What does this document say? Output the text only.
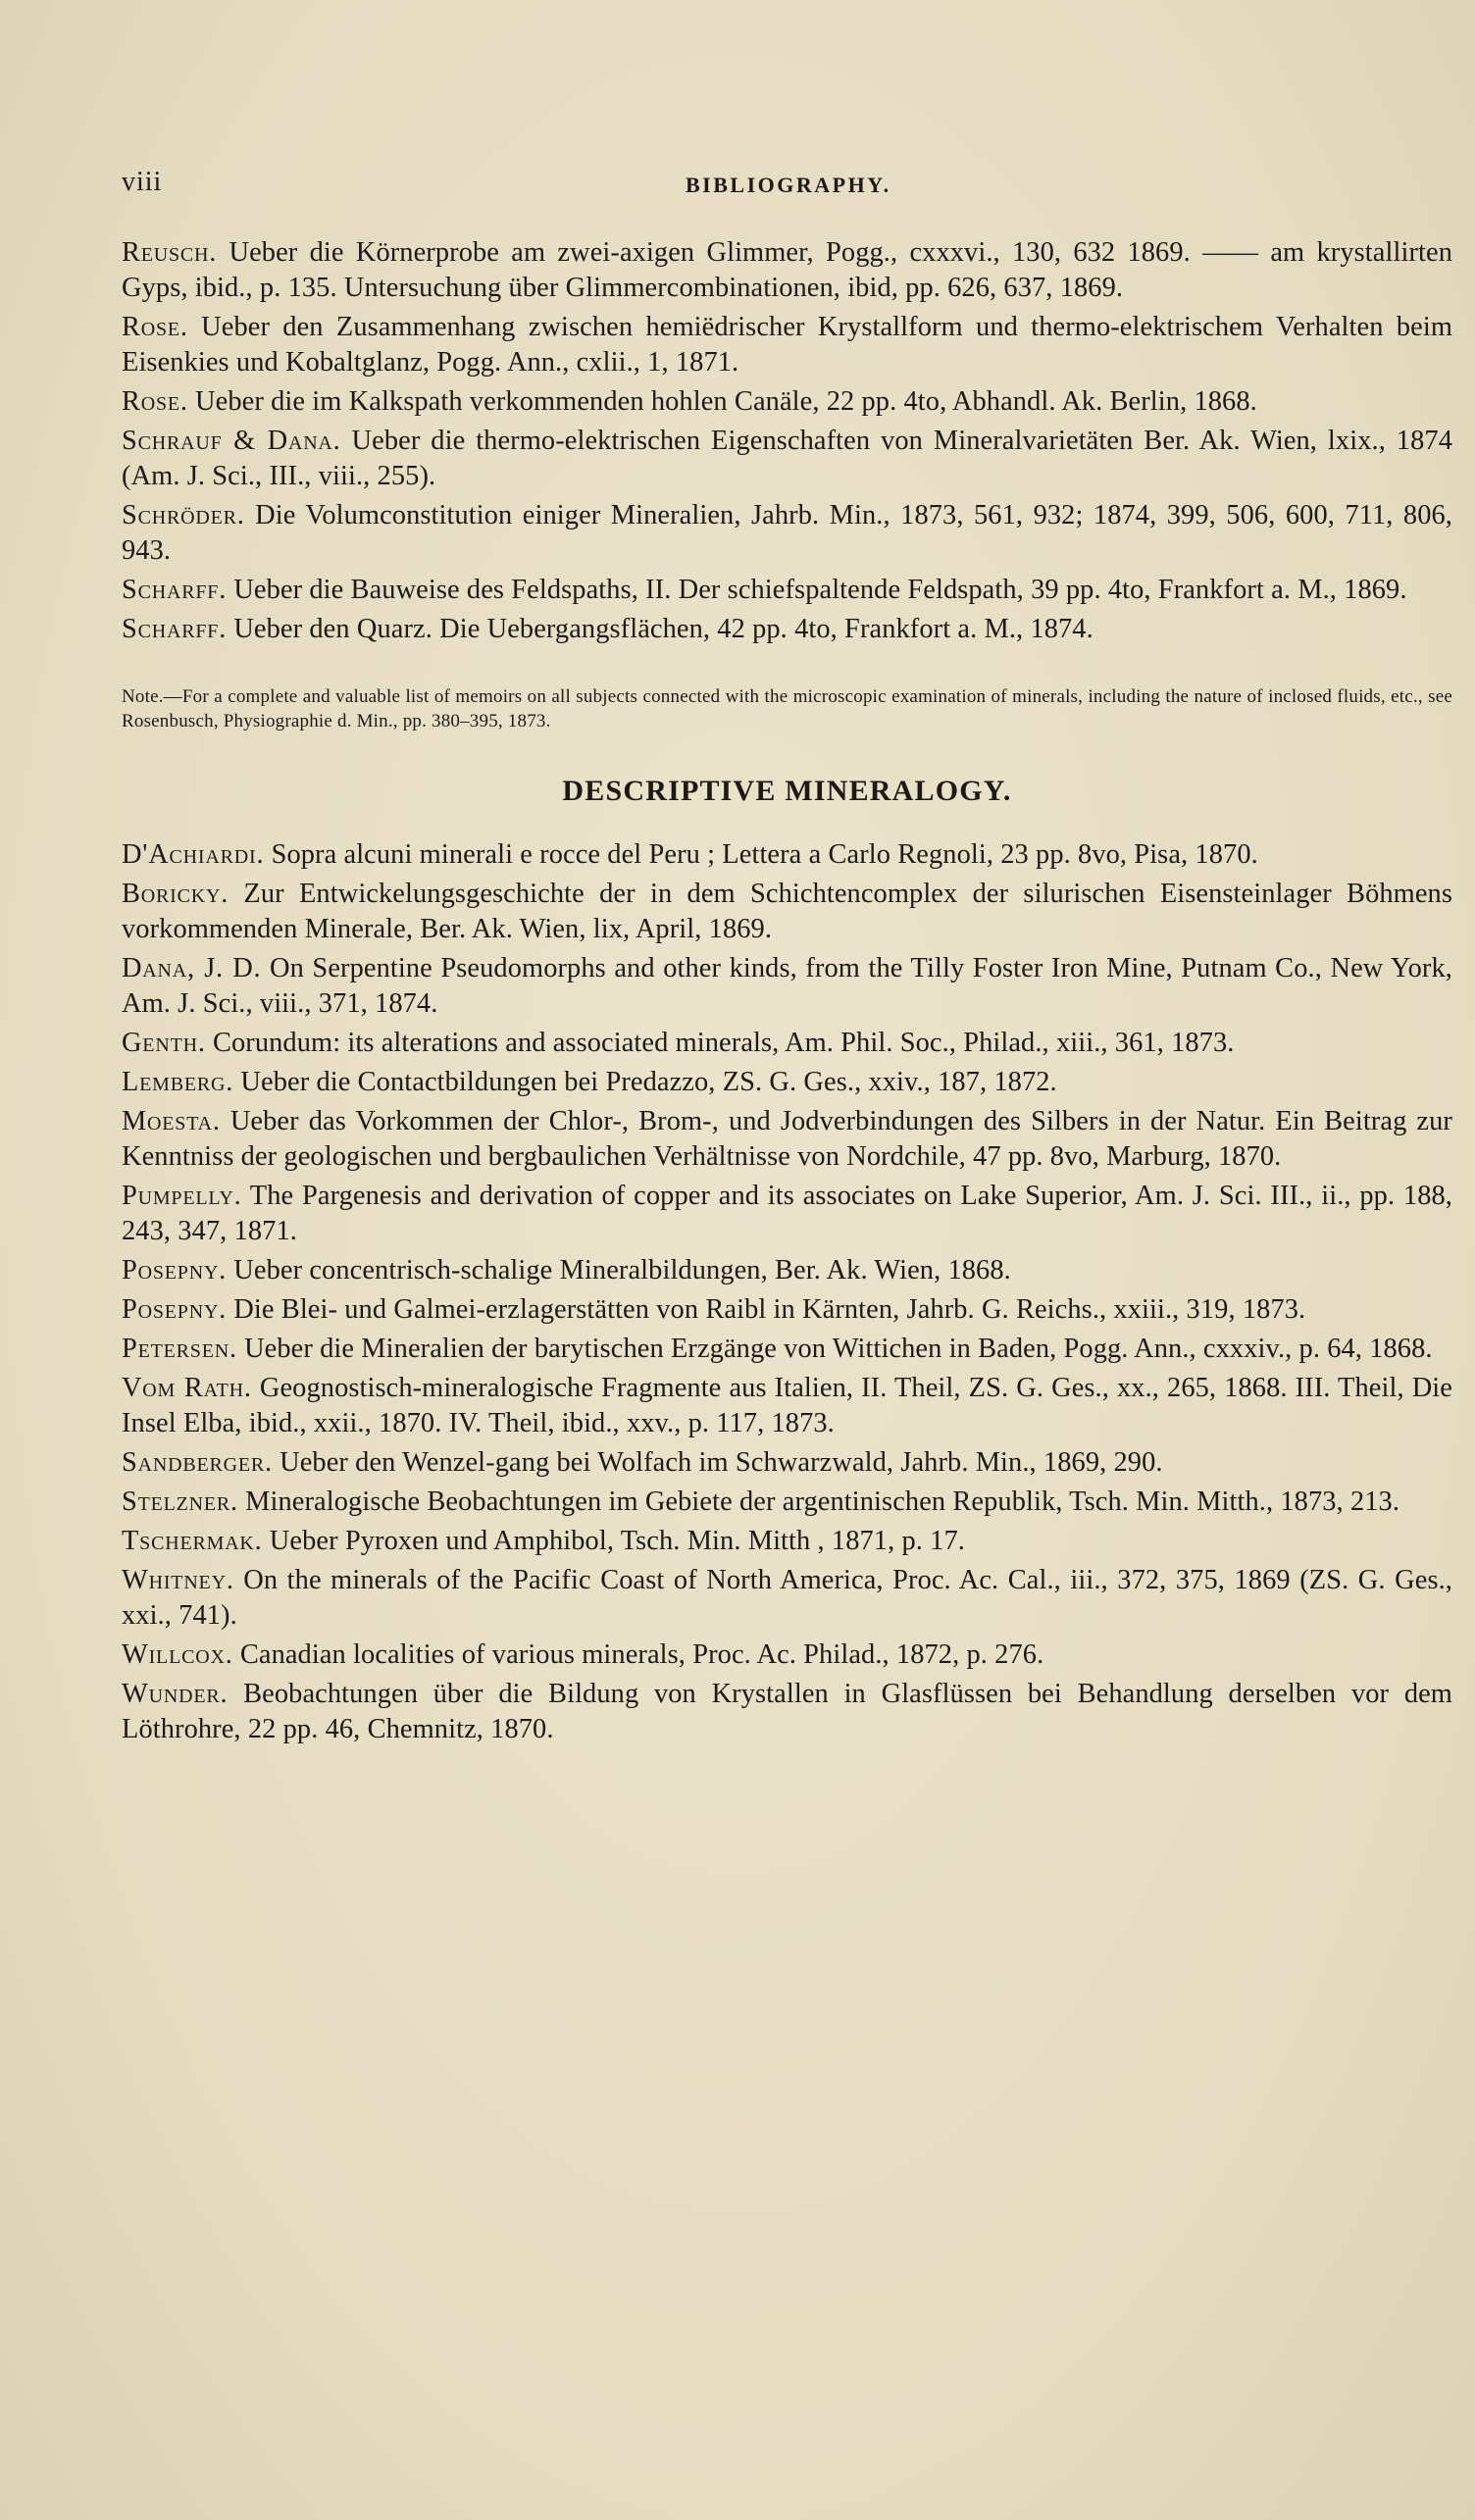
viii	BIBLIOGRAPHY.

Reusch. Ueber die Körnerprobe am zwei-axigen Glimmer, Pogg., cxxxvi., 130, 632 1869. —— am krystallirten Gyps, ibid., p. 135. Untersuchung über Glimmercombinationen, ibid, pp. 626, 637, 1869.

Rose. Ueber den Zusammenhang zwischen hemiëdrischer Krystallform und thermo-elektrischem Verhalten beim Eisenkies und Kobaltglanz, Pogg. Ann., cxlii., 1, 1871.

Rose. Ueber die im Kalkspath verkommenden hohlen Canäle, 22 pp. 4to, Abhandl. Ak. Berlin, 1868.

Schrauf & Dana. Ueber die thermo-elektrischen Eigenschaften von Mineralvarietäten Ber. Ak. Wien, lxix., 1874 (Am. J. Sci., III., viii., 255).

Schröder. Die Volumconstitution einiger Mineralien, Jahrb. Min., 1873, 561, 932; 1874, 399, 506, 600, 711, 806, 943.

Scharff. Ueber die Bauweise des Feldspaths, II. Der schiefspaltende Feldspath, 39 pp. 4to, Frankfort a. M., 1869.

Scharff. Ueber den Quarz. Die Uebergangsflächen, 42 pp. 4to, Frankfort a. M., 1874.

Note.—For a complete and valuable list of memoirs on all subjects connected with the microscopic examination of minerals, including the nature of inclosed fluids, etc., see Rosenbusch, Physiographie d. Min., pp. 380–395, 1873.

DESCRIPTIVE MINERALOGY.

D'Achiardi. Sopra alcuni minerali e rocce del Peru ; Lettera a Carlo Regnoli, 23 pp. 8vo, Pisa, 1870.

Boricky. Zur Entwickelungsgeschichte der in dem Schichtencomplex der silurischen Eisensteinlager Böhmens vorkommenden Minerale, Ber. Ak. Wien, lix, April, 1869.

Dana, J. D. On Serpentine Pseudomorphs and other kinds, from the Tilly Foster Iron Mine, Putnam Co., New York, Am. J. Sci., viii., 371, 1874.

Genth. Corundum: its alterations and associated minerals, Am. Phil. Soc., Philad., xiii., 361, 1873.

Lemberg. Ueber die Contactbildungen bei Predazzo, ZS. G. Ges., xxiv., 187, 1872.

Moesta. Ueber das Vorkommen der Chlor-, Brom-, und Jodverbindungen des Silbers in der Natur. Ein Beitrag zur Kenntniss der geologischen und bergbaulichen Verhältnisse von Nordchile, 47 pp. 8vo, Marburg, 1870.

Pumpelly. The Pargenesis and derivation of copper and its associates on Lake Superior, Am. J. Sci. III., ii., pp. 188, 243, 347, 1871.

Posepny. Ueber concentrisch-schalige Mineralbildungen, Ber. Ak. Wien, 1868.

Posepny. Die Blei- und Galmei-erzlagerstätten von Raibl in Kärnten, Jahrb. G. Reichs., xxiii., 319, 1873.

Petersen. Ueber die Mineralien der barytischen Erzgänge von Wittichen in Baden, Pogg. Ann., cxxxiv., p. 64, 1868.

Vom Rath. Geognostisch-mineralogische Fragmente aus Italien, II. Theil, ZS. G. Ges., xx., 265, 1868. III. Theil, Die Insel Elba, ibid., xxii., 1870. IV. Theil, ibid., xxv., p. 117, 1873.

Sandberger. Ueber den Wenzel-gang bei Wolfach im Schwarzwald, Jahrb. Min., 1869, 290.

Stelzner. Mineralogische Beobachtungen im Gebiete der argentinischen Republik, Tsch. Min. Mitth., 1873, 213.

Tschermak. Ueber Pyroxen und Amphibol, Tsch. Min. Mitth , 1871, p. 17.

Whitney. On the minerals of the Pacific Coast of North America, Proc. Ac. Cal., iii., 372, 375, 1869 (ZS. G. Ges., xxi., 741).

Willcox. Canadian localities of various minerals, Proc. Ac. Philad., 1872, p. 276.

Wunder. Beobachtungen über die Bildung von Krystallen in Glasflüssen bei Behandlung derselben vor dem Löthrohre, 22 pp. 46, Chemnitz, 1870.
